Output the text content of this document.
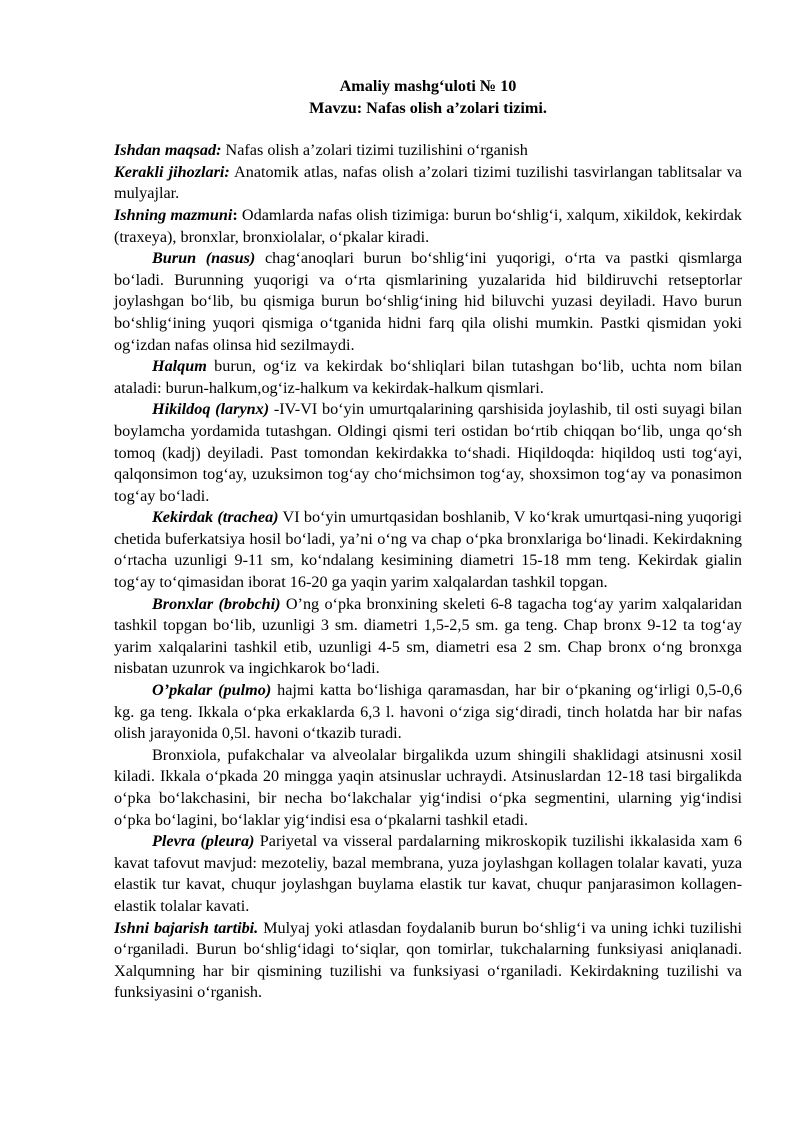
Amaliy mashg‘uloti № 10
Mavzu: Nafas olish a’zolari tizimi.

Ishdan maqsad: Nafas olish a’zolari tizimi tuzilishini o‘rganish

Kerakli jihozlari: Anatomik atlas, nafas olish a’zolari tizimi tuzilishi tasvirlangan tablitsalar va mulyajlar.

Ishning mazmuni: Odamlarda nafas olish tizimiga: burun bo‘shlig‘i, xalqum, xikildok, kekirdak (traxeya), bronxlar, bronxiolalar, o‘pkalar kiradi.

Burun (nasus) chag‘anoqlari burun bo‘shlig‘ini yuqorigi, o‘rta va pastki qismlarga bo‘ladi. Burunning yuqorigi va o‘rta qismlarining yuzalarida hid bildiruvchi retseptorlar joylashgan bo‘lib, bu qismiga burun bo‘shlig‘ining hid biluvchi yuzasi deyiladi. Havo burun bo‘shlig‘ining yuqori qismiga o‘tganida hidni farq qila olishi mumkin. Pastki qismidan yoki og‘izdan nafas olinsa hid sezilmaydi.

Halqum burun, og‘iz va kekirdak bo‘shliqlari bilan tutashgan bo‘lib, uchta nom bilan ataladi: burun-halkum,og‘iz-halkum va kekirdak-halkum qismlari.

Hikildoq (larynx) -IV-VI bo‘yin umurtqalarining qarshisida joylashib, til osti suyagi bilan boylamcha yordamida tutashgan. Oldingi qismi teri ostidan bo‘rtib chiqqan bo‘lib, unga qo‘sh tomoq (kadj) deyiladi. Past tomondan kekirdakka to‘shadi. Hiqildoqda: hiqildoq usti tog‘ayi, qalqonsimon tog‘ay, uzuksimon tog‘ay cho‘michsimon tog‘ay, shoxsimon tog‘ay va ponasimon tog‘ay bo‘ladi.

Kekirdak (trachea) VI bo‘yin umurtqasidan boshlanib, V ko‘krak umurtqasi-ning yuqorigi chetida buferkatsiya hosil bo‘ladi, ya’ni o‘ng va chap o‘pka bronxlariga bo‘linadi. Kekirdakning o‘rtacha uzunligi 9-11 sm, ko‘ndalang kesimining diametri 15-18 mm teng. Kekirdak gialin tog‘ay to‘qimasidan iborat 16-20 ga yaqin yarim xalqalardan tashkil topgan.

Bronxlar (brobchi) O’ng o‘pka bronxining skeleti 6-8 tagacha tog‘ay yarim xalqalaridan tashkil topgan bo‘lib, uzunligi 3 sm. diametri 1,5-2,5 sm. ga teng. Chap bronx 9-12 ta tog‘ay yarim xalqalarini tashkil etib, uzunligi 4-5 sm, diametri esa 2 sm. Chap bronx o‘ng bronxga nisbatan uzunrok va ingichkarok bo‘ladi.

O’pkalar (pulmo) hajmi katta bo‘lishiga qaramasdan, har bir o‘pkaning og‘irligi 0,5-0,6 kg. ga teng. Ikkala o‘pka erkaklarda 6,3 l. havoni o‘ziga sig‘diradi, tinch holatda har bir nafas olish jarayonida 0,5l. havoni o‘tkazib turadi.

Bronxiola, pufakchalar va alveolalar birgalikda uzum shingili shaklidagi atsinusni xosil kiladi. Ikkala o‘pkada 20 mingga yaqin atsinuslar uchraydi. Atsinuslardan 12-18 tasi birgalikda o‘pka bo‘lakchasini, bir necha bo‘lakchalar yig‘indisi o‘pka segmentini, ularning yig‘indisi o‘pka bo‘lagini, bo‘laklar yig‘indisi esa o‘pkalarni tashkil etadi.

Plevra (pleura) Pariyetal va visseral pardalarning mikroskopik tuzilishi ikkalasida xam 6 kavat tafovut mavjud: mezoteliy, bazal membrana, yuza joylashgan kollagen tolalar kavati, yuza elastik tur kavat, chuqur joylashgan buylama elastik tur kavat, chuqur panjarasimon kollagen-elastik tolalar kavati.

Ishni bajarish tartibi. Mulyaj yoki atlasdan foydalanib burun bo‘shlig‘i va uning ichki tuzilishi o‘rganiladi. Burun bo‘shlig‘idagi to‘siqlar, qon tomirlar, tukchalarning funksiyasi aniqlanadi. Xalqumning har bir qismining tuzilishi va funksiyasi o‘rganiladi. Kekirdakning tuzilishi va funksiyasini o‘rganish.
